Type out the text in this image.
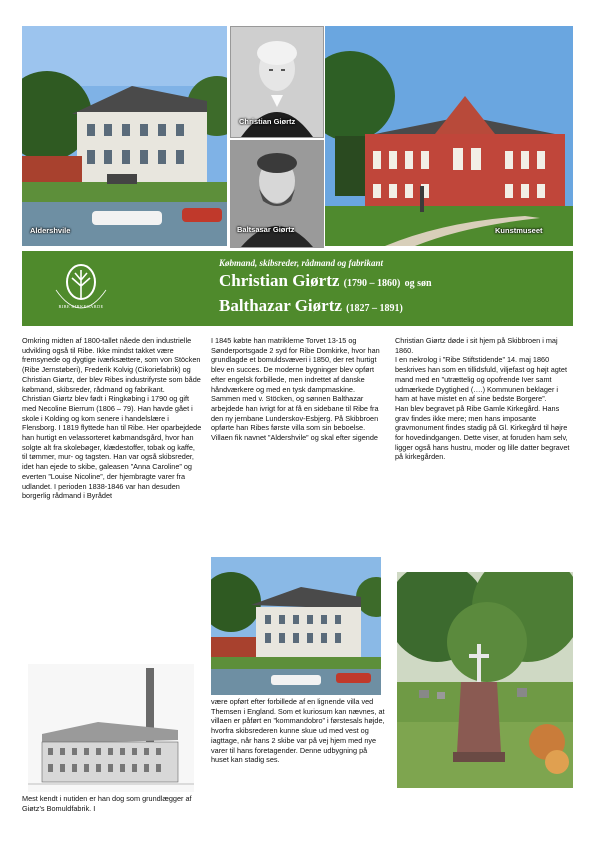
Aldershvile
Christian Giørtz
Baltsasar Giørtz	Kunstmuseet
RIBE KIRKEGÅRDE
Købmand, skibsreder, rådmand og fabrikant
Christian Giørtz (1790 – 1860) og søn
Balthazar Giørtz (1827 – 1891)

Omkring midten af 1800-tallet nåede den industrielle udvikling også til Ribe. Ikke mindst takket være fremsynede og dygtige iværksættere, som von Stöcken (Ribe Jernstøberi), Frederik Kolvig (Cikoriefabrik) og Christian Giørtz, der blev Ribes industrifyrste som både købmand, skibsreder, rådmand og fabrikant.

Christian Giørtz blev født i Ringkøbing i 1790 og gift med Necoline Bierrum (1806 – 79). Han havde gået i skole i Kolding og kom senere i handelslære i Flensborg. I 1819 flyttede han til Ribe. Her oparbejdede han hurtigt en velassorteret købmandsgård, hvor han solgte alt fra skolebøger, klædestoffer, tobak og kaffe, til tømmer, mur- og tagsten. Han var også skibsreder, idet han ejede to skibe, galeasen ”Anna Caroline” og everten ”Louise Nicoline”, der hjembragte varer fra udlandet. I perioden 1838-1846 var han desuden borgerlig rådmand i Byrådet

Mest kendt i nutiden er han dog som grundlægger af Giøtz’s Bomuldfabrik. I

I 1845 købte han matriklerne Torvet 13-15 og Sønderportsgade 2 syd for Ribe Domkirke, hvor han grundlagde et bomuldsvæveri i 1850, der ret hurtigt blev en succes. De moderne bygninger blev opført efter engelsk forbillede, men indrettet af danske håndværkere og med en tysk dampmaskine.

Sammen med v. Stöcken, og sønnen Balthazar arbejdede han ivrigt for at få en sidebane til Ribe fra den ny jernbane Lunderskov-Esbjerg. På Skibbroen opførte han Ribes første villa som sin beboelse. Villaen fik navnet ”Aldershvile” og skal efter sigende

være opført efter forbillede af en lignende villa ved Themsen i England. Som et kuriosum kan nævnes, at villaen er påført en ”kommandobro” i førstesals højde, hvorfra skibsrederen kunne skue ud med vest og iagttage, når hans 2 skibe var på vej hjem med nye varer til hans foretagender. Denne udbygning på huset kan stadig ses.

Christian Giørtz døde i sit hjem på Skibbroen i maj 1860.

I en nekrolog i ”Ribe Stiftstidende” 14. maj 1860 beskrives han som en tillidsfuld, viljefast og højt agtet mand med en ”utrættelig og opofrende Iver samt udmærkede Dygtighed (….) Kommunen beklager i ham at have mistet en af sine bedste Borgere”.

Han blev begravet på Ribe Gamle Kirkegård. Hans grav findes ikke mere; men hans imposante gravmonument findes stadig på Gl. Kirkegård til højre for hovedindgangen. Dette viser, at foruden ham selv, ligger også hans hustru, moder og lille datter begravet på kirkegården.
